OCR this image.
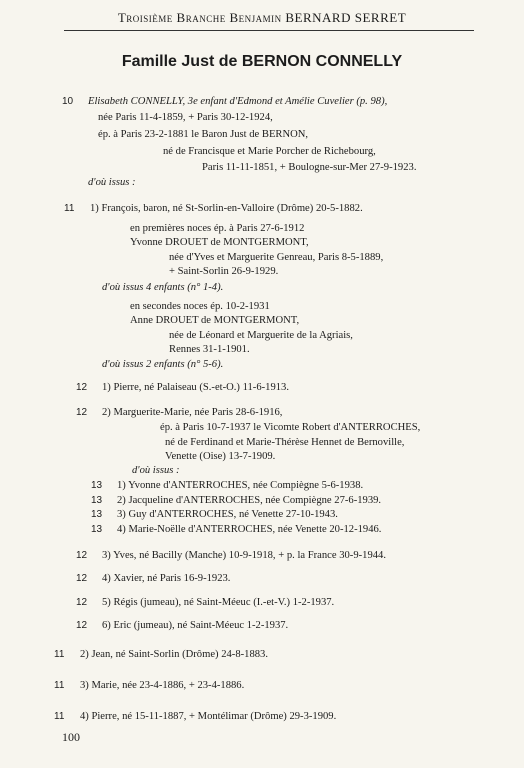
Troisième Branche Benjamin BERNARD SERRET
Famille Just de BERNON CONNELLY
10 Elisabeth CONNELLY, 3e enfant d'Edmond et Amélie Cuvelier (p. 98),
née Paris 11-4-1859, + Paris 30-12-1924,
ép. à Paris 23-2-1881 le Baron Just de BERNON,
né de Francisque et Marie Porcher de Richebourg,
Paris 11-11-1851, + Boulogne-sur-Mer 27-9-1923.
d'où issus :
11 1) François, baron, né St-Sorlin-en-Valloire (Drôme) 20-5-1882.
en premières noces ép. à Paris 27-6-1912
Yvonne DROUET de MONTGERMONT,
née d'Yves et Marguerite Genreau, Paris 8-5-1889,
+ Saint-Sorlin 26-9-1929.
d'où issus 4 enfants (n° 1-4).
en secondes noces ép. 10-2-1931
Anne DROUET de MONTGERMONT,
née de Léonard et Marguerite de la Agriais,
Rennes 31-1-1901.
d'où issus 2 enfants (n° 5-6).
12 1) Pierre, né Palaiseau (S.-et-O.) 11-6-1913.
12 2) Marguerite-Marie, née Paris 28-6-1916,
ép. à Paris 10-7-1937 le Vicomte Robert d'ANTERROCHES,
né de Ferdinand et Marie-Thérèse Hennet de Bernoville,
Venette (Oise) 13-7-1909.
d'où issus :
13 1) Yvonne d'ANTERROCHES, née Compiègne 5-6-1938.
13 2) Jacqueline d'ANTERROCHES, née Compiègne 27-6-1939.
13 3) Guy d'ANTERROCHES, né Venette 27-10-1943.
13 4) Marie-Noëlle d'ANTERROCHES, née Venette 20-12-1946.
12 3) Yves, né Bacilly (Manche) 10-9-1918, + p. la France 30-9-1944.
12 4) Xavier, né Paris 16-9-1923.
12 5) Régis (jumeau), né Saint-Méeuc (I.-et-V.) 1-2-1937.
12 6) Eric (jumeau), né Saint-Méeuc 1-2-1937.
11 2) Jean, né Saint-Sorlin (Drôme) 24-8-1883.
11 3) Marie, née 23-4-1886, + 23-4-1886.
11 4) Pierre, né 15-11-1887, + Montélimar (Drôme) 29-3-1909.
100
